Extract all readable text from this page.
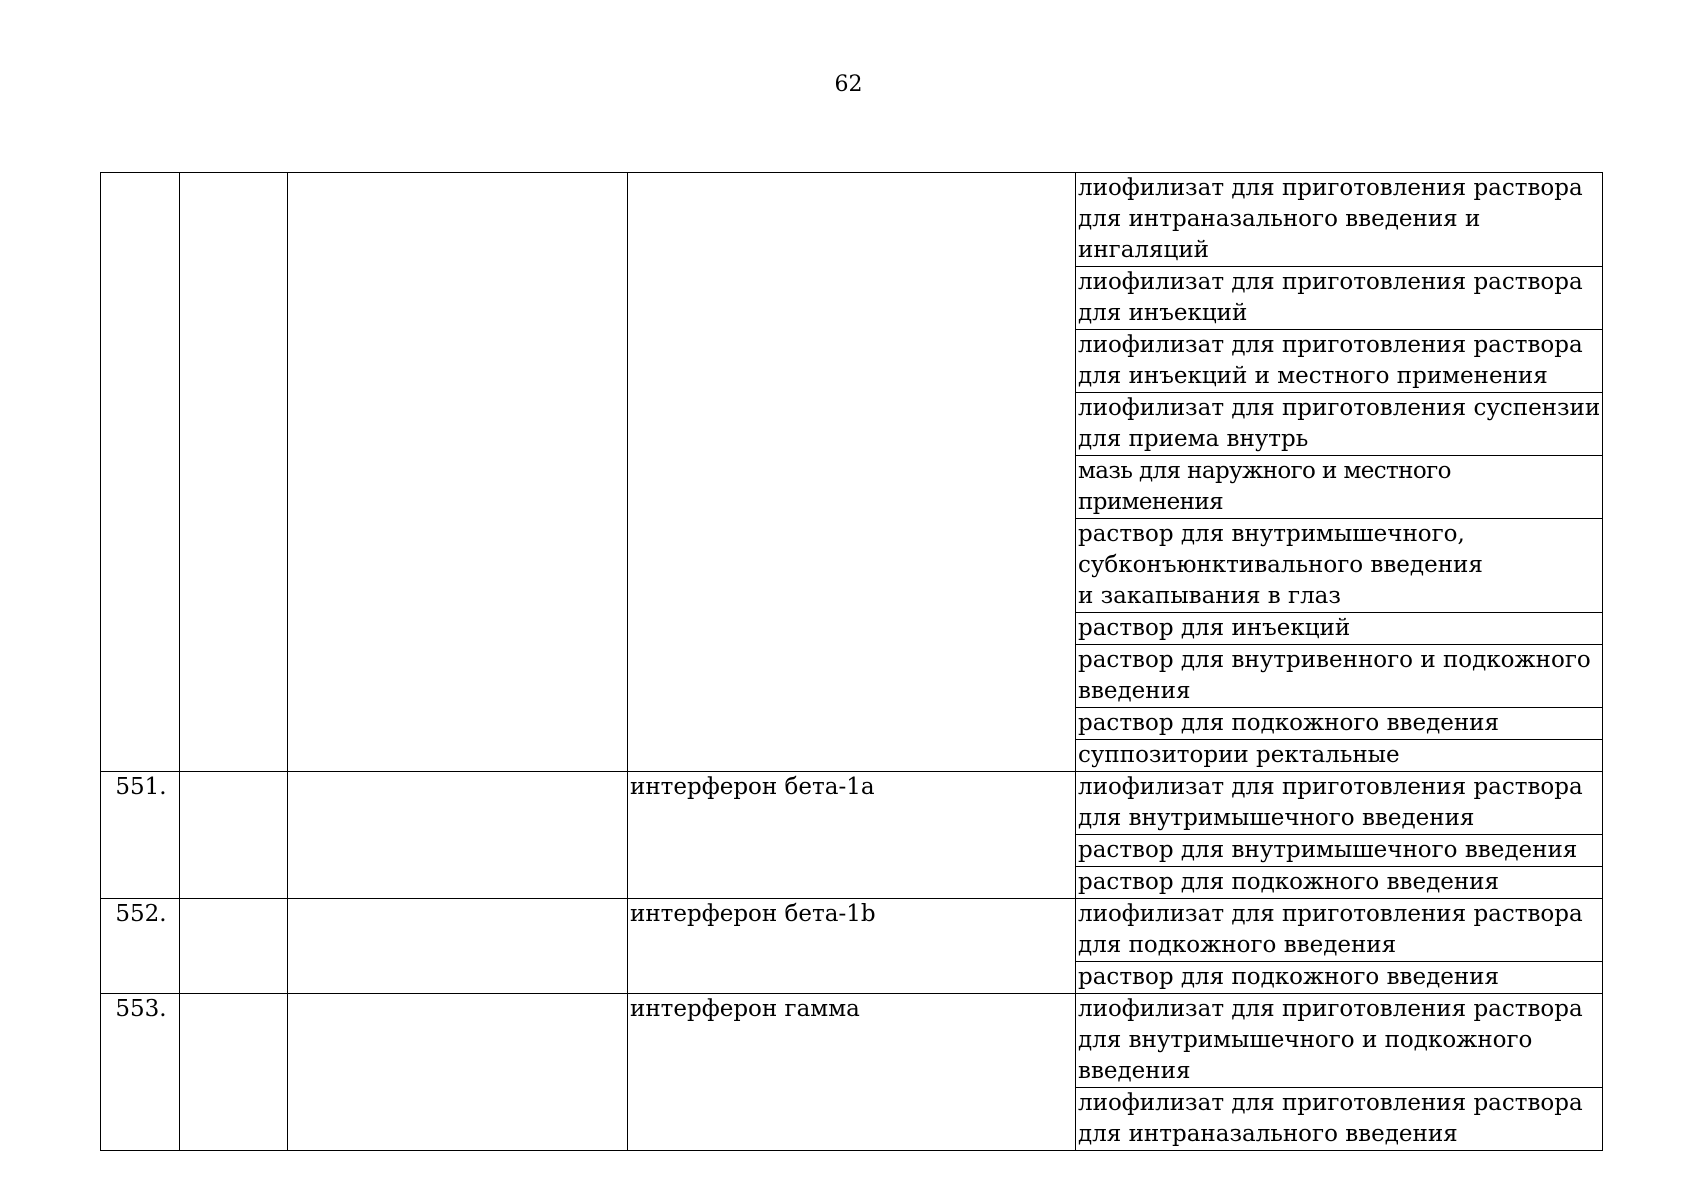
62
				лиофилизат для приготовления раствора
для интраназального введения и ингаляций
				лиофилизат для приготовления раствора
для инъекций
				лиофилизат для приготовления раствора
для инъекций и местного применения
				лиофилизат для приготовления суспензии
для приема внутрь
				мазь для наружного и местного применения
				раствор для внутримышечного,
субконъюнктивального введения
и закапывания в глаз
				раствор для инъекций
				раствор для внутривенного и подкожного
введения
				раствор для подкожного введения
				суппозитории ректальные
551.			интерферон бета-1a	лиофилизат для приготовления раствора
для внутримышечного введения
				раствор для внутримышечного введения
				раствор для подкожного введения
552.			интерферон бета-1b	лиофилизат для приготовления раствора
для подкожного введения
				раствор для подкожного введения
553.			интерферон гамма	лиофилизат для приготовления раствора
для внутримышечного и подкожного
введения
				лиофилизат для приготовления раствора
для интраназального введения
